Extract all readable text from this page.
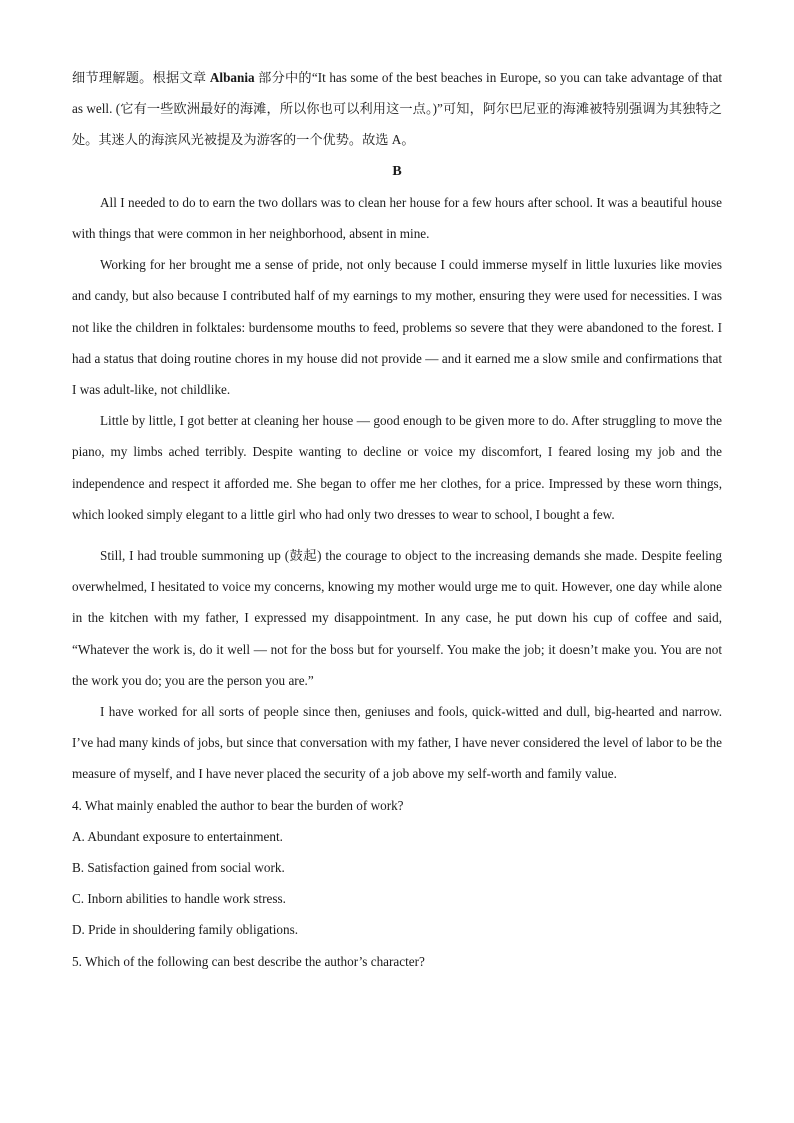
细节理解题。根据文章 Albania 部分中的“It has some of the best beaches in Europe, so you can take advantage of that as well. (它有一些欧洲最好的海滩，所以你也可以利用这一点。)”可知，阿尔巴尼亚的海滩被特别强调为其独特之处。其迷人的海滨风光被提及为游客的一个优势。故选 A。

B

All I needed to do to earn the two dollars was to clean her house for a few hours after school. It was a beautiful house with things that were common in her neighborhood, absent in mine.

Working for her brought me a sense of pride, not only because I could immerse myself in little luxuries like movies and candy, but also because I contributed half of my earnings to my mother, ensuring they were used for necessities. I was not like the children in folktales: burdensome mouths to feed, problems so severe that they were abandoned to the forest. I had a status that doing routine chores in my house did not provide — and it earned me a slow smile and confirmations that I was adult-like, not childlike.

Little by little, I got better at cleaning her house — good enough to be given more to do. After struggling to move the piano, my limbs ached terribly. Despite wanting to decline or voice my discomfort, I feared losing my job and the independence and respect it afforded me. She began to offer me her clothes, for a price. Impressed by these worn things, which looked simply elegant to a little girl who had only two dresses to wear to school, I bought a few.

Still, I had trouble summoning up (鼓起) the courage to object to the increasing demands she made. Despite feeling overwhelmed, I hesitated to voice my concerns, knowing my mother would urge me to quit. However, one day while alone in the kitchen with my father, I expressed my disappointment. In any case, he put down his cup of coffee and said, “Whatever the work is, do it well — not for the boss but for yourself. You make the job; it doesn’t make you. You are not the work you do; you are the person you are.”

I have worked for all sorts of people since then, geniuses and fools, quick-witted and dull, big-hearted and narrow. I’ve had many kinds of jobs, but since that conversation with my father, I have never considered the level of labor to be the measure of myself, and I have never placed the security of a job above my self-worth and family value.

4. What mainly enabled the author to bear the burden of work?

A. Abundant exposure to entertainment.

B. Satisfaction gained from social work.

C. Inborn abilities to handle work stress.

D. Pride in shouldering family obligations.

5. Which of the following can best describe the author’s character?
